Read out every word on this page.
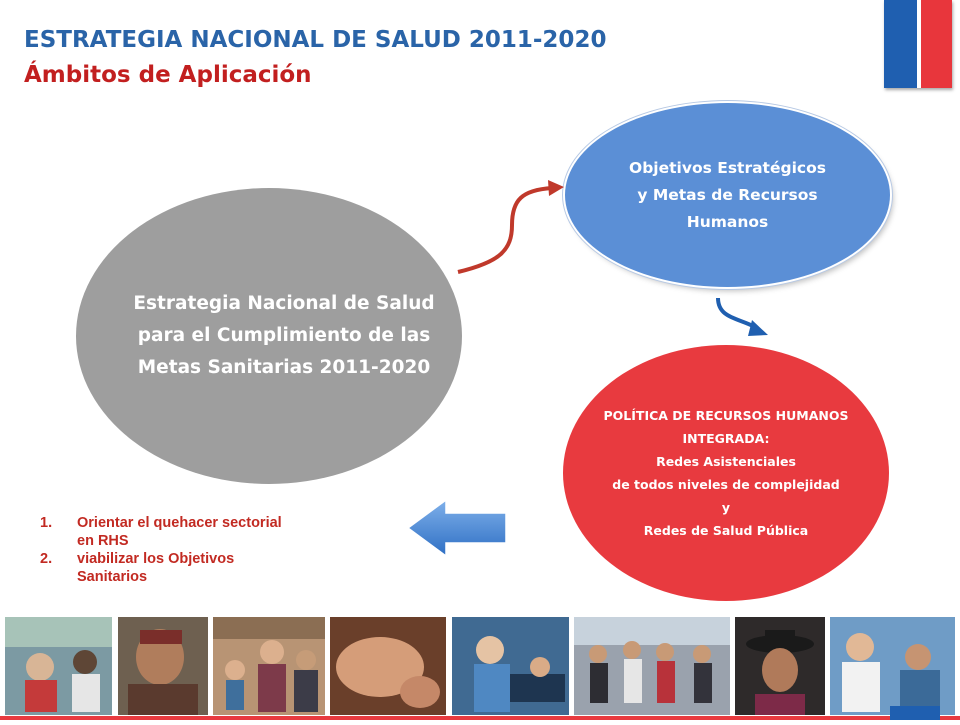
ESTRATEGIA NACIONAL DE SALUD 2011-2020
Ámbitos de Aplicación
Estrategia Nacional de Salud
para el Cumplimiento de las
Metas Sanitarias 2011-2020
Objetivos Estratégicos
y Metas de Recursos
Humanos
POLÍTICA DE RECURSOS HUMANOS
INTEGRADA:
Redes Asistenciales
de todos niveles de complejidad
y
Redes de Salud Pública
1.	Orientar el quehacer sectorial
en RHS
2.	viabilizar los Objetivos
Sanitarios
